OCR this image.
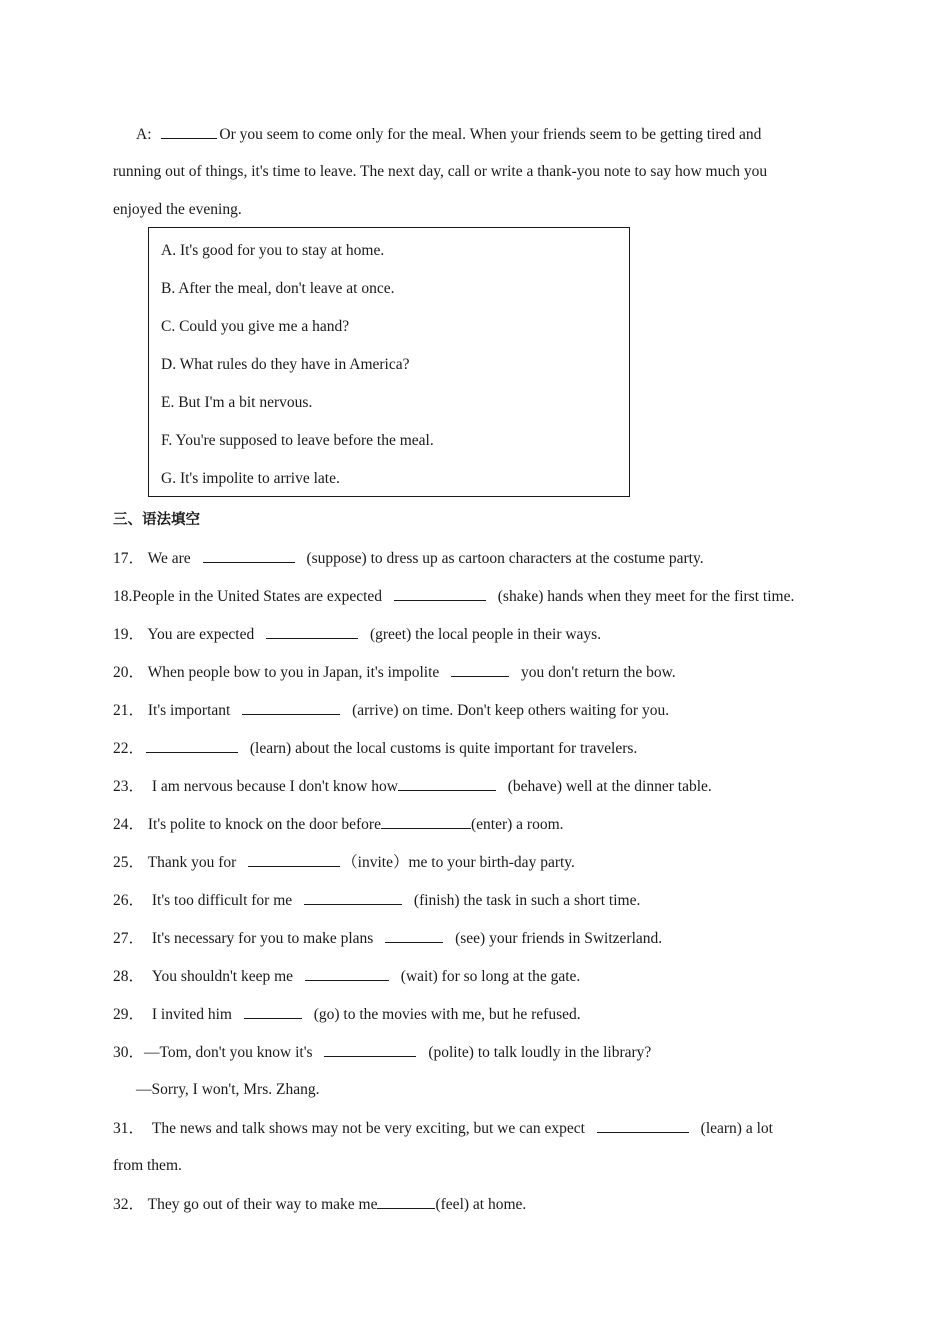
A:	Or you seem to come only for the meal. When your friends seem to be getting tired and
running out of things, it's time to leave. The next day, call or write a thank-you note to say how much you
enjoyed the evening.
A. It's good for you to stay at home.
B. After the meal, don't leave at once.
C. Could you give me a hand?
D. What rules do they have in America?
E. But I'm a bit nervous.
F. You're supposed to leave before the meal.
G. It's impolite to arrive late.
三、语法填空
17． We are	(suppose) to dress up as cartoon characters at the costume party.
18.People in the United States are expected	(shake) hands when they meet for the first time.
19． You are expected	(greet) the local people in their ways.
20． When people bow to you in Japan, it's impolite	you don't return the bow.
21． It's important	(arrive) on time. Don't keep others waiting for you.
22．	(learn) about the local customs is quite important for travelers.
23． I am nervous because I don't know how	(behave) well at the dinner table.
24． It's polite to knock on the door before	(enter) a room.
25． Thank you for	（invite）me to your birth-day party.
26． It's too difficult for me	(finish) the task in such a short time.
27． It's necessary for you to make plans	(see) your friends in Switzerland.
28． You shouldn't keep me	(wait) for so long at the gate.
29． I invited him	(go) to the movies with me, but he refused.
30．—Tom, don't you know it's	(polite) to talk loudly in the library?
—Sorry, I won't, Mrs. Zhang.
31． The news and talk shows may not be very exciting, but we can expect	(learn) a lot
from them.
32． They go out of their way to make me	(feel) at home.
